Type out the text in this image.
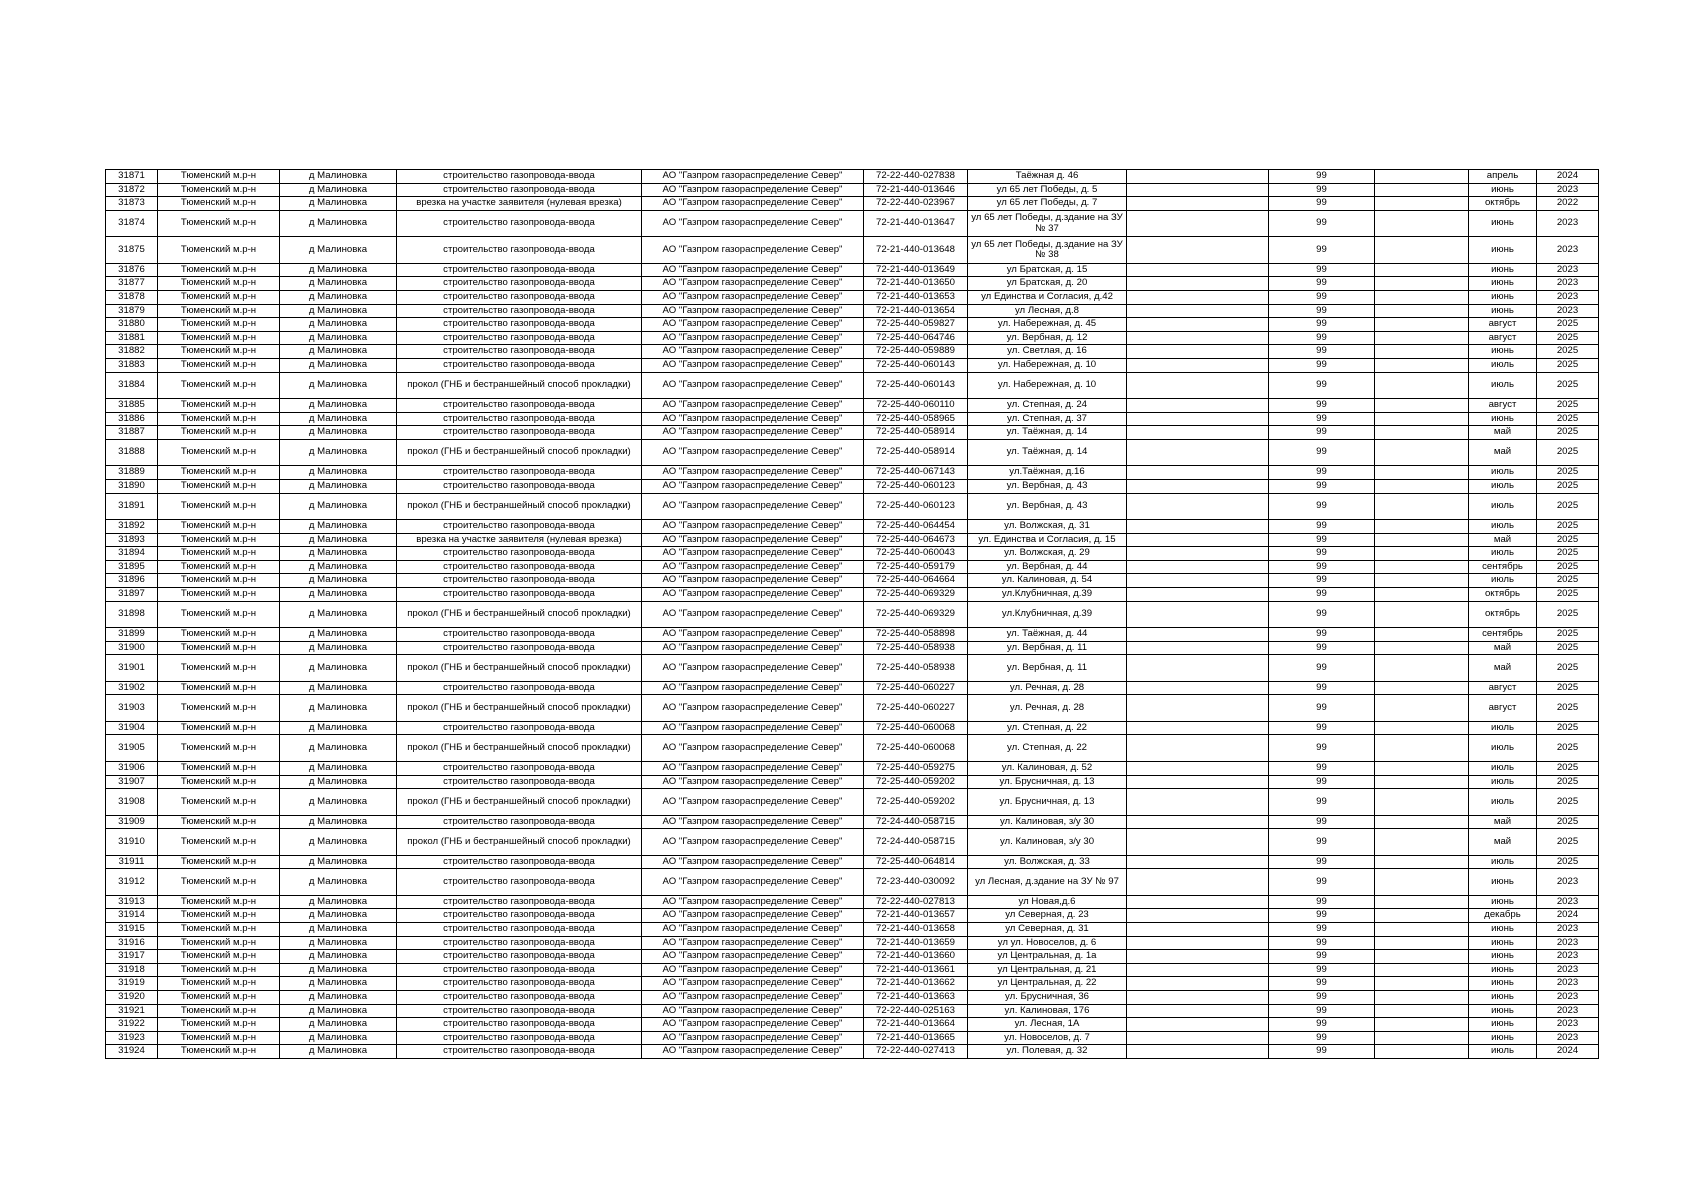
31871	Тюменский м.р-н	д Малиновка	строительство газопровода-ввода	АО "Газпром газораспределение Север"	72-22-440-027838	Таёжная д. 46		99		апрель	2024
31872	Тюменский м.р-н	д Малиновка	строительство газопровода-ввода	АО "Газпром газораспределение Север"	72-21-440-013646	ул 65 лет Победы, д. 5		99		июнь	2023
31873	Тюменский м.р-н	д Малиновка	врезка на участке заявителя (нулевая врезка)	АО "Газпром газораспределение Север"	72-22-440-023967	ул 65 лет Победы, д. 7		99		октябрь	2022
31874	Тюменский м.р-н	д Малиновка	строительство газопровода-ввода	АО "Газпром газораспределение Север"	72-21-440-013647	ул 65 лет Победы, д.здание на ЗУ № 37		99		июнь	2023
31875	Тюменский м.р-н	д Малиновка	строительство газопровода-ввода	АО "Газпром газораспределение Север"	72-21-440-013648	ул 65 лет Победы, д.здание на ЗУ № 38		99		июнь	2023
31876	Тюменский м.р-н	д Малиновка	строительство газопровода-ввода	АО "Газпром газораспределение Север"	72-21-440-013649	ул Братская, д. 15		99		июнь	2023
31877	Тюменский м.р-н	д Малиновка	строительство газопровода-ввода	АО "Газпром газораспределение Север"	72-21-440-013650	ул Братская, д. 20		99		июнь	2023
31878	Тюменский м.р-н	д Малиновка	строительство газопровода-ввода	АО "Газпром газораспределение Север"	72-21-440-013653	ул Единства и Согласия, д.42		99		июнь	2023
31879	Тюменский м.р-н	д Малиновка	строительство газопровода-ввода	АО "Газпром газораспределение Север"	72-21-440-013654	ул Лесная, д.8		99		июнь	2023
31880	Тюменский м.р-н	д Малиновка	строительство газопровода-ввода	АО "Газпром газораспределение Север"	72-25-440-059827	ул. Набережная, д. 45		99		август	2025
31881	Тюменский м.р-н	д Малиновка	строительство газопровода-ввода	АО "Газпром газораспределение Север"	72-25-440-064746	ул. Вербная, д. 12		99		август	2025
31882	Тюменский м.р-н	д Малиновка	строительство газопровода-ввода	АО "Газпром газораспределение Север"	72-25-440-059889	ул. Светлая, д. 16		99		июнь	2025
31883	Тюменский м.р-н	д Малиновка	строительство газопровода-ввода	АО "Газпром газораспределение Север"	72-25-440-060143	ул. Набережная, д. 10		99		июль	2025
31884	Тюменский м.р-н	д Малиновка	прокол (ГНБ и бестраншейный способ прокладки)	АО "Газпром газораспределение Север"	72-25-440-060143	ул. Набережная, д. 10		99		июль	2025
31885	Тюменский м.р-н	д Малиновка	строительство газопровода-ввода	АО "Газпром газораспределение Север"	72-25-440-060110	ул. Степная, д. 24		99		август	2025
31886	Тюменский м.р-н	д Малиновка	строительство газопровода-ввода	АО "Газпром газораспределение Север"	72-25-440-058965	ул. Степная, д. 37		99		июнь	2025
31887	Тюменский м.р-н	д Малиновка	строительство газопровода-ввода	АО "Газпром газораспределение Север"	72-25-440-058914	ул. Таёжная, д. 14		99		май	2025
31888	Тюменский м.р-н	д Малиновка	прокол (ГНБ и бестраншейный способ прокладки)	АО "Газпром газораспределение Север"	72-25-440-058914	ул. Таёжная, д. 14		99		май	2025
31889	Тюменский м.р-н	д Малиновка	строительство газопровода-ввода	АО "Газпром газораспределение Север"	72-25-440-067143	ул.Таёжная, д.16		99		июль	2025
31890	Тюменский м.р-н	д Малиновка	строительство газопровода-ввода	АО "Газпром газораспределение Север"	72-25-440-060123	ул. Вербная, д. 43		99		июль	2025
31891	Тюменский м.р-н	д Малиновка	прокол (ГНБ и бестраншейный способ прокладки)	АО "Газпром газораспределение Север"	72-25-440-060123	ул. Вербная, д. 43		99		июль	2025
31892	Тюменский м.р-н	д Малиновка	строительство газопровода-ввода	АО "Газпром газораспределение Север"	72-25-440-064454	ул. Волжская, д. 31		99		июль	2025
31893	Тюменский м.р-н	д Малиновка	врезка на участке заявителя (нулевая врезка)	АО "Газпром газораспределение Север"	72-25-440-064673	ул. Единства и Согласия, д. 15		99		май	2025
31894	Тюменский м.р-н	д Малиновка	строительство газопровода-ввода	АО "Газпром газораспределение Север"	72-25-440-060043	ул. Волжская, д. 29		99		июль	2025
31895	Тюменский м.р-н	д Малиновка	строительство газопровода-ввода	АО "Газпром газораспределение Север"	72-25-440-059179	ул. Вербная, д. 44		99		сентябрь	2025
31896	Тюменский м.р-н	д Малиновка	строительство газопровода-ввода	АО "Газпром газораспределение Север"	72-25-440-064664	ул. Калиновая, д. 54		99		июль	2025
31897	Тюменский м.р-н	д Малиновка	строительство газопровода-ввода	АО "Газпром газораспределение Север"	72-25-440-069329	ул.Клубничная, д.39		99		октябрь	2025
31898	Тюменский м.р-н	д Малиновка	прокол (ГНБ и бестраншейный способ прокладки)	АО "Газпром газораспределение Север"	72-25-440-069329	ул.Клубничная, д.39		99		октябрь	2025
31899	Тюменский м.р-н	д Малиновка	строительство газопровода-ввода	АО "Газпром газораспределение Север"	72-25-440-058898	ул. Таёжная, д. 44		99		сентябрь	2025
31900	Тюменский м.р-н	д Малиновка	строительство газопровода-ввода	АО "Газпром газораспределение Север"	72-25-440-058938	ул. Вербная, д. 11		99		май	2025
31901	Тюменский м.р-н	д Малиновка	прокол (ГНБ и бестраншейный способ прокладки)	АО "Газпром газораспределение Север"	72-25-440-058938	ул. Вербная, д. 11		99		май	2025
31902	Тюменский м.р-н	д Малиновка	строительство газопровода-ввода	АО "Газпром газораспределение Север"	72-25-440-060227	ул. Речная, д. 28		99		август	2025
31903	Тюменский м.р-н	д Малиновка	прокол (ГНБ и бестраншейный способ прокладки)	АО "Газпром газораспределение Север"	72-25-440-060227	ул. Речная, д. 28		99		август	2025
31904	Тюменский м.р-н	д Малиновка	строительство газопровода-ввода	АО "Газпром газораспределение Север"	72-25-440-060068	ул. Степная, д. 22		99		июль	2025
31905	Тюменский м.р-н	д Малиновка	прокол (ГНБ и бестраншейный способ прокладки)	АО "Газпром газораспределение Север"	72-25-440-060068	ул. Степная, д. 22		99		июль	2025
31906	Тюменский м.р-н	д Малиновка	строительство газопровода-ввода	АО "Газпром газораспределение Север"	72-25-440-059275	ул. Калиновая, д. 52		99		июль	2025
31907	Тюменский м.р-н	д Малиновка	строительство газопровода-ввода	АО "Газпром газораспределение Север"	72-25-440-059202	ул. Брусничная, д. 13		99		июль	2025
31908	Тюменский м.р-н	д Малиновка	прокол (ГНБ и бестраншейный способ прокладки)	АО "Газпром газораспределение Север"	72-25-440-059202	ул. Брусничная, д. 13		99		июль	2025
31909	Тюменский м.р-н	д Малиновка	строительство газопровода-ввода	АО "Газпром газораспределение Север"	72-24-440-058715	ул. Калиновая, з/у 30		99		май	2025
31910	Тюменский м.р-н	д Малиновка	прокол (ГНБ и бестраншейный способ прокладки)	АО "Газпром газораспределение Север"	72-24-440-058715	ул. Калиновая, з/у 30		99		май	2025
31911	Тюменский м.р-н	д Малиновка	строительство газопровода-ввода	АО "Газпром газораспределение Север"	72-25-440-064814	ул. Волжская, д. 33		99		июль	2025
31912	Тюменский м.р-н	д Малиновка	строительство газопровода-ввода	АО "Газпром газораспределение Север"	72-23-440-030092	ул Лесная, д.здание на ЗУ № 97		99		июнь	2023
31913	Тюменский м.р-н	д Малиновка	строительство газопровода-ввода	АО "Газпром газораспределение Север"	72-22-440-027813	ул Новая,д.6		99		июнь	2023
31914	Тюменский м.р-н	д Малиновка	строительство газопровода-ввода	АО "Газпром газораспределение Север"	72-21-440-013657	ул Северная, д. 23		99		декабрь	2024
31915	Тюменский м.р-н	д Малиновка	строительство газопровода-ввода	АО "Газпром газораспределение Север"	72-21-440-013658	ул Северная, д. 31		99		июнь	2023
31916	Тюменский м.р-н	д Малиновка	строительство газопровода-ввода	АО "Газпром газораспределение Север"	72-21-440-013659	ул ул. Новоселов, д. 6		99		июнь	2023
31917	Тюменский м.р-н	д Малиновка	строительство газопровода-ввода	АО "Газпром газораспределение Север"	72-21-440-013660	ул Центральная, д. 1а		99		июнь	2023
31918	Тюменский м.р-н	д Малиновка	строительство газопровода-ввода	АО "Газпром газораспределение Север"	72-21-440-013661	ул Центральная, д. 21		99		июнь	2023
31919	Тюменский м.р-н	д Малиновка	строительство газопровода-ввода	АО "Газпром газораспределение Север"	72-21-440-013662	ул Центральная, д. 22		99		июнь	2023
31920	Тюменский м.р-н	д Малиновка	строительство газопровода-ввода	АО "Газпром газораспределение Север"	72-21-440-013663	ул. Брусничная, 36		99		июнь	2023
31921	Тюменский м.р-н	д Малиновка	строительство газопровода-ввода	АО "Газпром газораспределение Север"	72-22-440-025163	ул. Калиновая, 176		99		июнь	2023
31922	Тюменский м.р-н	д Малиновка	строительство газопровода-ввода	АО "Газпром газораспределение Север"	72-21-440-013664	ул. Лесная, 1А		99		июнь	2023
31923	Тюменский м.р-н	д Малиновка	строительство газопровода-ввода	АО "Газпром газораспределение Север"	72-21-440-013665	ул. Новоселов, д. 7		99		июнь	2023
31924	Тюменский м.р-н	д Малиновка	строительство газопровода-ввода	АО "Газпром газораспределение Север"	72-22-440-027413	ул. Полевая, д. 32		99		июль	2024
